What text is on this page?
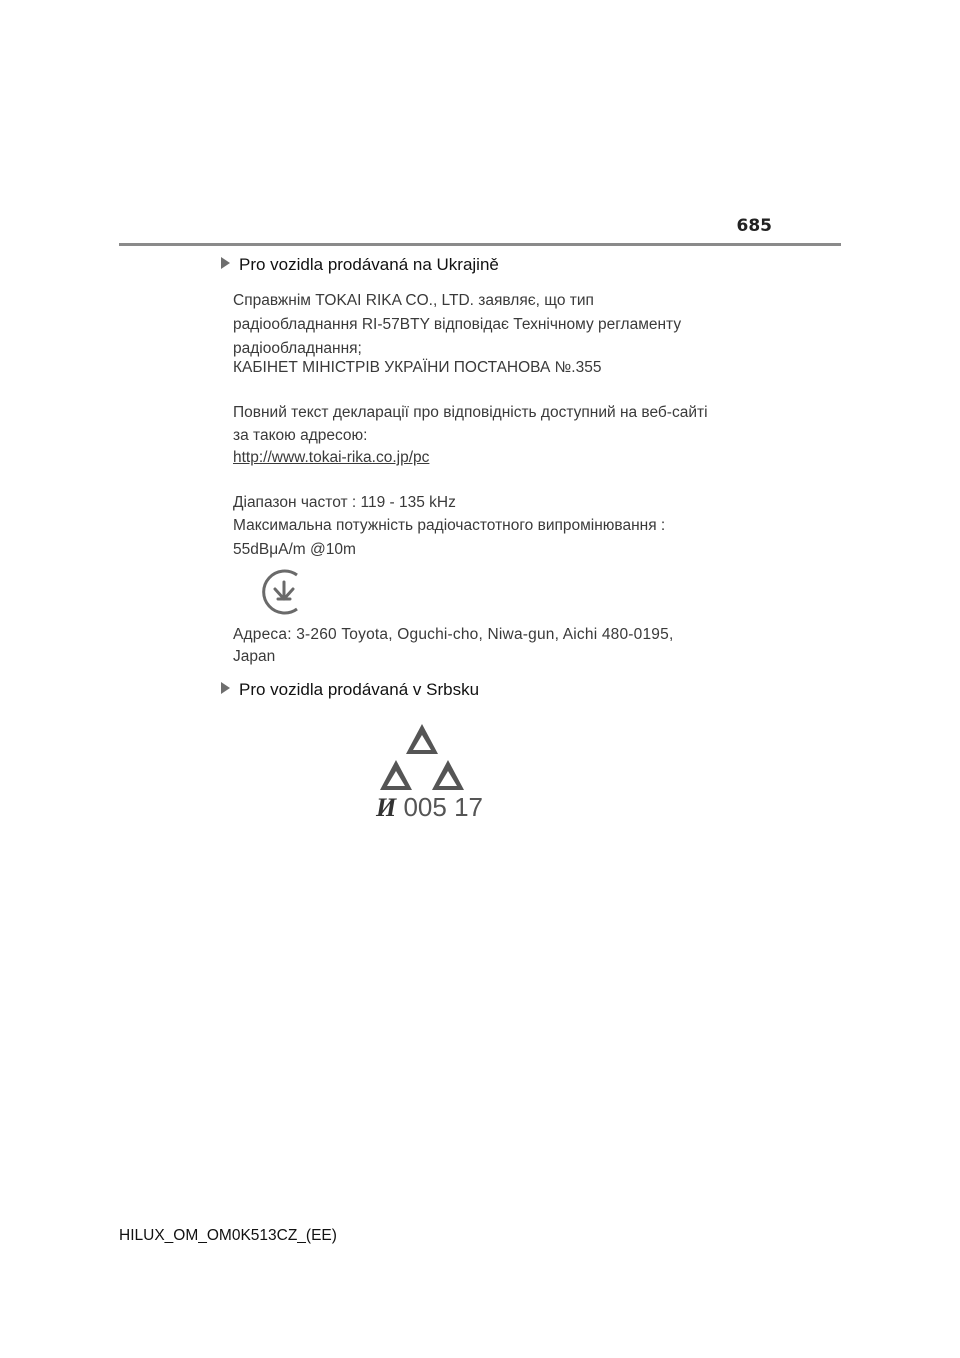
685
Pro vozidla prodávaná na Ukrajině
Справжнім TOKAI RIKA CO., LTD. заявляє, що тип
радіообладнання RI-57BTY відповідає Технічному регламенту
радіообладнання;
КАБІНЕТ МІНІСТРІВ УКРАЇНИ ПОСТАНОВА №.355
Повний текст декларації про відповідність доступний на веб-сайті
за такою адресою:
http://www.tokai-rika.co.jp/pc
Діапазон частот : 119 - 135 kHz
Максимальна потужність радіочастотного випромінювання :
55dBμA/m @10m
Адреса: 3-260 Toyota, Oguchi-cho, Niwa-gun, Aichi 480-0195,
Japan
Pro vozidla prodávaná v Srbsku
И 005 17
HILUX_OM_OM0K513CZ_(EE)
